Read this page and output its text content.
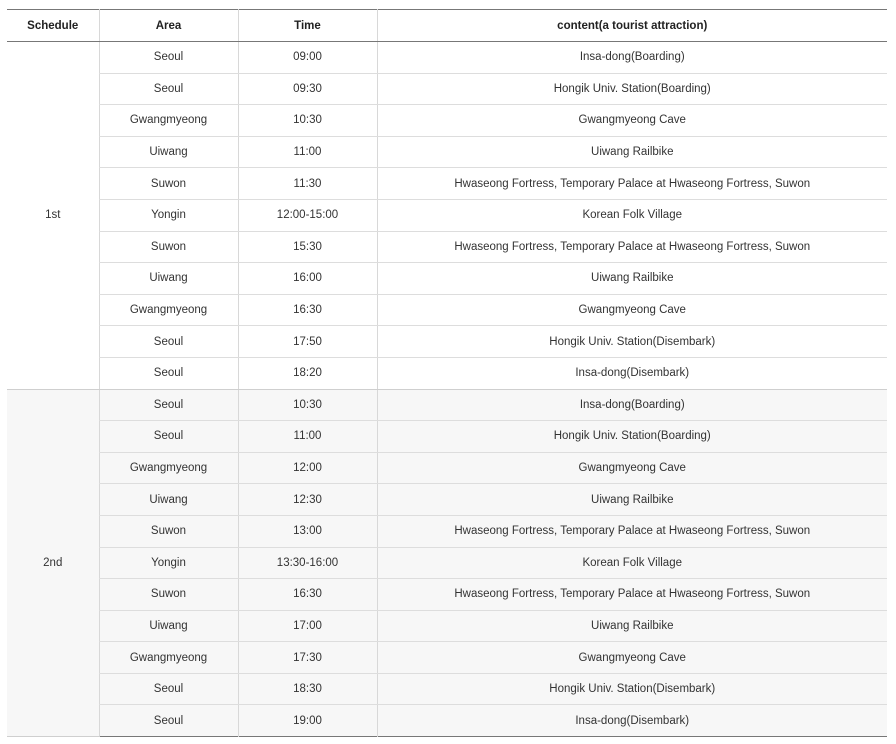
Schedule	Area	Time	content(a tourist attraction)
1st	Seoul	09:00	Insa-dong(Boarding)
	Seoul	09:30	Hongik Univ. Station(Boarding)
	Gwangmyeong	10:30	Gwangmyeong Cave
	Uiwang	11:00	Uiwang Railbike
	Suwon	11:30	Hwaseong Fortress, Temporary Palace at Hwaseong Fortress, Suwon
	Yongin	12:00-15:00	Korean Folk Village
	Suwon	15:30	Hwaseong Fortress, Temporary Palace at Hwaseong Fortress, Suwon
	Uiwang	16:00	Uiwang Railbike
	Gwangmyeong	16:30	Gwangmyeong Cave
	Seoul	17:50	Hongik Univ. Station(Disembark)
	Seoul	18:20	Insa-dong(Disembark)
2nd	Seoul	10:30	Insa-dong(Boarding)
	Seoul	11:00	Hongik Univ. Station(Boarding)
	Gwangmyeong	12:00	Gwangmyeong Cave
	Uiwang	12:30	Uiwang Railbike
	Suwon	13:00	Hwaseong Fortress, Temporary Palace at Hwaseong Fortress, Suwon
	Yongin	13:30-16:00	Korean Folk Village
	Suwon	16:30	Hwaseong Fortress, Temporary Palace at Hwaseong Fortress, Suwon
	Uiwang	17:00	Uiwang Railbike
	Gwangmyeong	17:30	Gwangmyeong Cave
	Seoul	18:30	Hongik Univ. Station(Disembark)
	Seoul	19:00	Insa-dong(Disembark)
